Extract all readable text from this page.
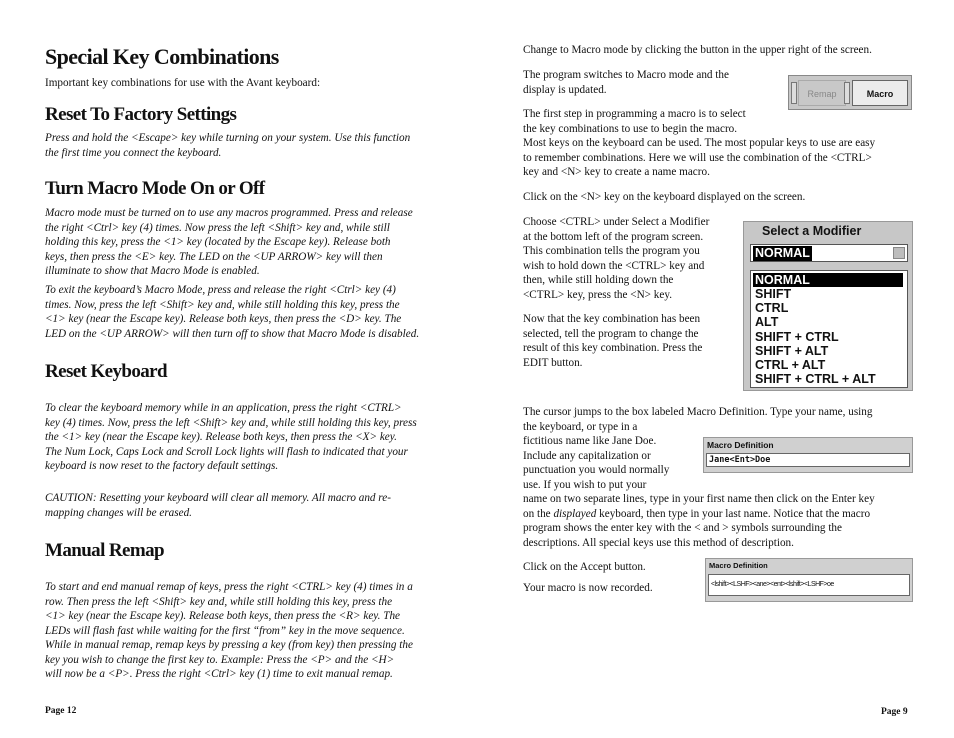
Special Key Combinations

Important key combinations for use with the Avant keyboard:

Reset To Factory Settings
Press and hold the <Escape> key while turning on your system. Use this function
the first time you connect the keyboard.
Turn Macro Mode On or Off
Macro mode must be turned on to use any macros programmed. Press and release
the right <Ctrl> key (4) times. Now press the left <Shift> key and, while still
holding this key, press the <1> key (located by the Escape key). Release both
keys, then press the <E> key. The LED on the <UP ARROW> key will then
illuminate to show that Macro Mode is enabled.
To exit the keyboard’s Macro Mode, press and release the right <Ctrl> key (4)
times. Now, press the left <Shift> key and, while still holding this key, press the
<1> key (near the Escape key). Release both keys, then press the <D> key. The
LED on the <UP ARROW> will then turn off to show that Macro Mode is disabled.
Reset Keyboard
To clear the keyboard memory while in an application, press the right <CTRL>
key (4) times. Now, press the left <Shift> key and, while still holding this key, press
the <1> key (near the Escape key). Release both keys, then press the <X> key.
The Num Lock, Caps Lock and Scroll Lock lights will flash to indicated that your
keyboard is now reset to the factory default settings.
CAUTION: Resetting your keyboard will clear all memory. All macro and re-
mapping changes will be erased.
Manual Remap
To start and end manual remap of keys, press the right <CTRL> key (4) times in a
row. Then press the left <Shift> key and, while still holding this key, press the
<1> key (near the Escape key). Release both keys, then press the <R> key. The
LEDs will flash fast while waiting for the first “from” key in the move sequence.
While in manual remap, remap keys by pressing a key (from key) then pressing the
key you wish to change the first key to. Example: Press the <P> and the <H>
will now be a <P>. Press the right <Ctrl> key (1) time to exit manual remap.

Page 12

Change to Macro mode by clicking the button in the upper right of the screen.

The program switches to Macro mode and the
display is updated.	Remap	Macro
The first step in programming a macro is to select
the key combinations to use to begin the macro.
Most keys on the keyboard can be used. The most popular keys to use are easy
to remember combinations. Here we will use the combination of the <CTRL>
key and <N> key to create a name macro.

Click on the <N> key on the keyboard displayed on the screen.

Choose <CTRL> under Select a Modifier
at the bottom left of the program screen.
This combination tells the program you
wish to hold down the <CTRL> key and
then, while still holding down the
<CTRL> key, press the <N> key.
Now that the key combination has been
selected, tell the program to change the
result of this key combination. Press the
EDIT button.
Select a Modifier
NORMAL
NORMAL
SHIFT
CTRL
ALT
SHIFT + CTRL
SHIFT + ALT
CTRL + ALT
SHIFT + CTRL + ALT
The cursor jumps to the box labeled Macro Definition. Type your name, using
the keyboard, or type in a
fictitious name like Jane Doe.
Include any capitalization or
punctuation you would normally
use. If you wish to put your
name on two separate lines, type in your first name then click on the Enter key
on the displayed keyboard, then type in your last name. Notice that the macro
program shows the enter key with the < and > symbols surrounding the
descriptions. All special keys use this method of description.
Macro Definition
Jane<Ent>Doe

Click on the Accept button.

Your macro is now recorded.

Macro Definition
<lshift><LSHF><ane><ent><lshift><LSHF>oe

Page 9
